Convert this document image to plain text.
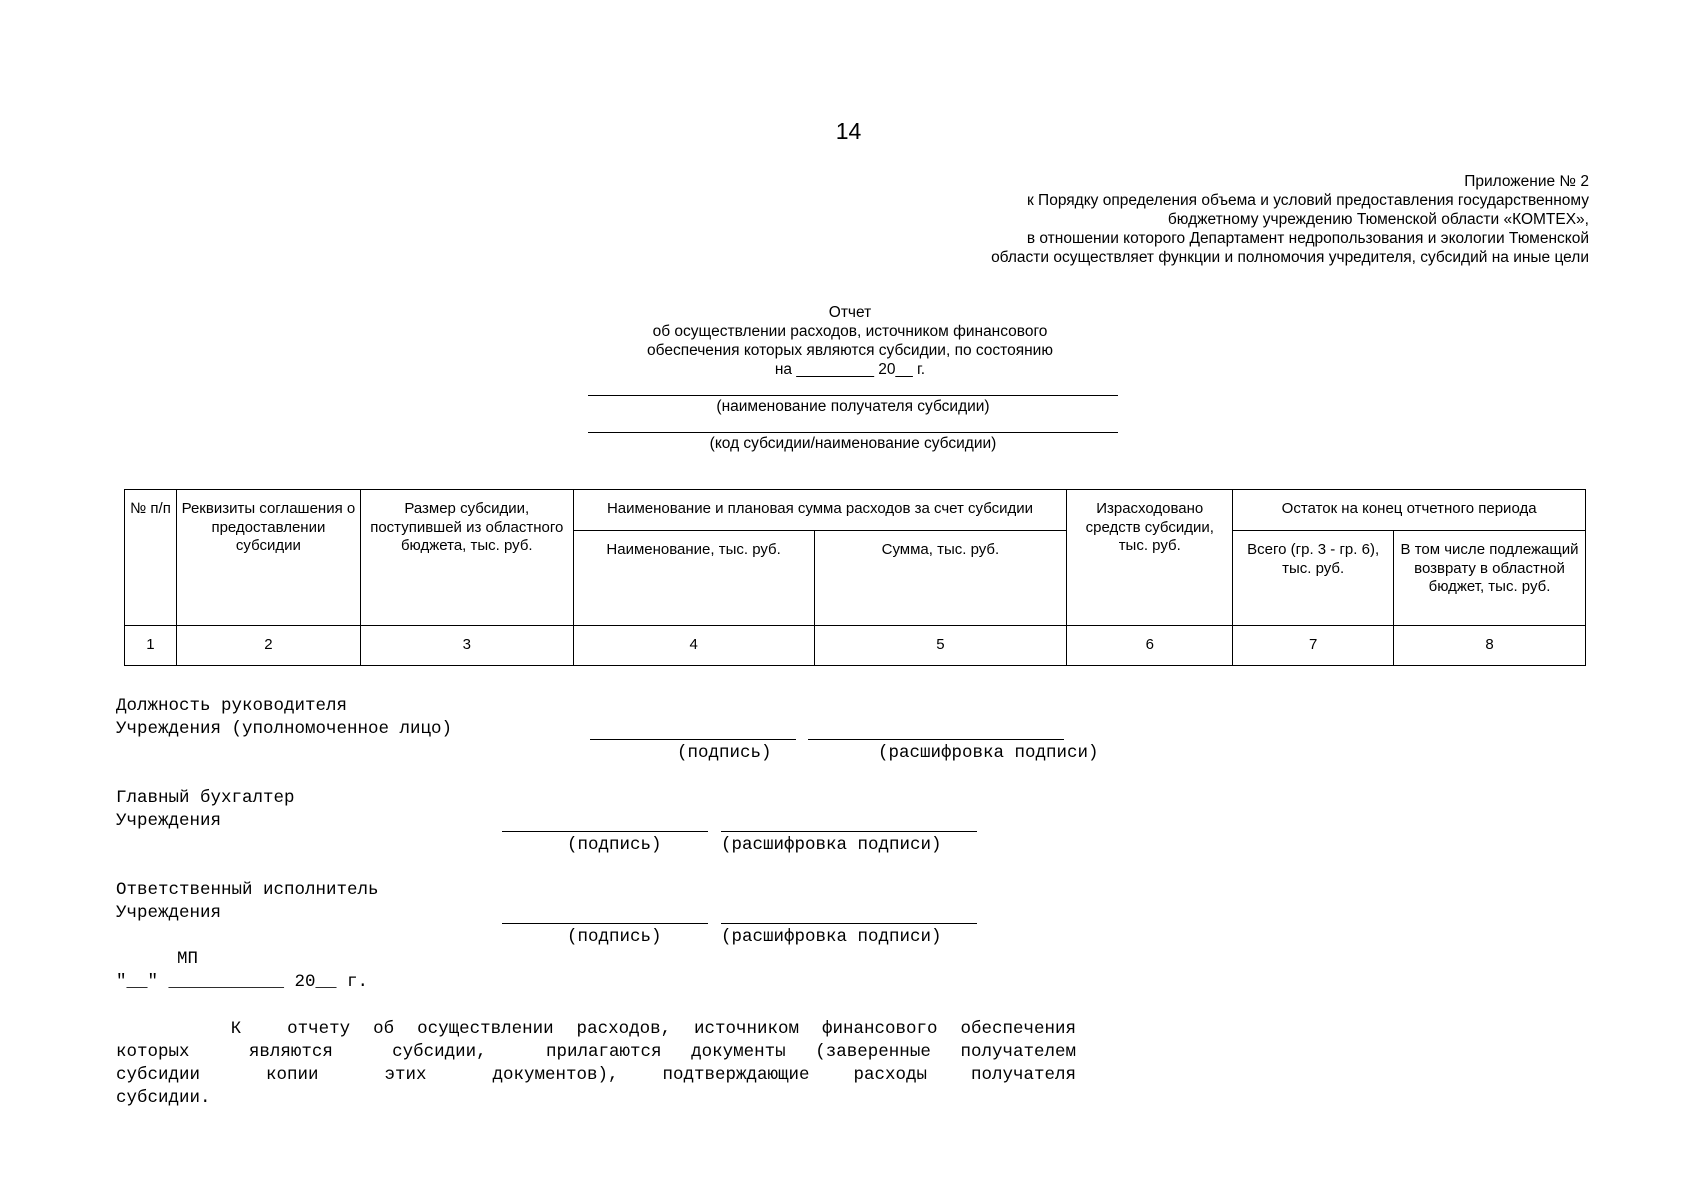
14
Приложение № 2
к Порядку определения объема и условий предоставления государственному
бюджетному учреждению Тюменской области «КОМТЕХ»,
в отношении которого Департамент недропользования и экологии Тюменской
области осуществляет функции и полномочия учредителя, субсидий на иные цели
Отчет
об осуществлении расходов, источником финансового
обеспечения которых являются субсидии, по состоянию
на _________ 20__ г.
(наименование получателя субсидии)
(код субсидии/наименование субсидии)
№ п/п	Реквизиты соглашения о предоставлении субсидии	Размер субсидии, поступившей из областного бюджета, тыс. руб.	Наименование и плановая сумма расходов за счет субсидии		Израсходовано средств субсидии, тыс. руб.	Остаток на конец отчетного периода	
			Наименование, тыс. руб.	Сумма, тыс. руб.		Всего (гр. 3 - гр. 6), тыс. руб.	В том числе подлежащий возврату в областной бюджет, тыс. руб.
1	2	3	4	5	6	7	8
Должность руководителя
Учреждения (уполномоченное лицо)
(подпись)	(расшифровка подписи)
Главный бухгалтер
Учреждения
(подпись)	(расшифровка подписи)
Ответственный исполнитель
Учреждения
(подпись)	(расшифровка подписи)
МП
"__" ___________ 20__ г.
К  отчету об осуществлении расходов, источником финансового обеспечения
которых  являются  субсидии,  прилагаются документы (заверенные получателем
субсидии   копии   этих   документов),  подтверждающие  расходы  получателя
субсидии.
